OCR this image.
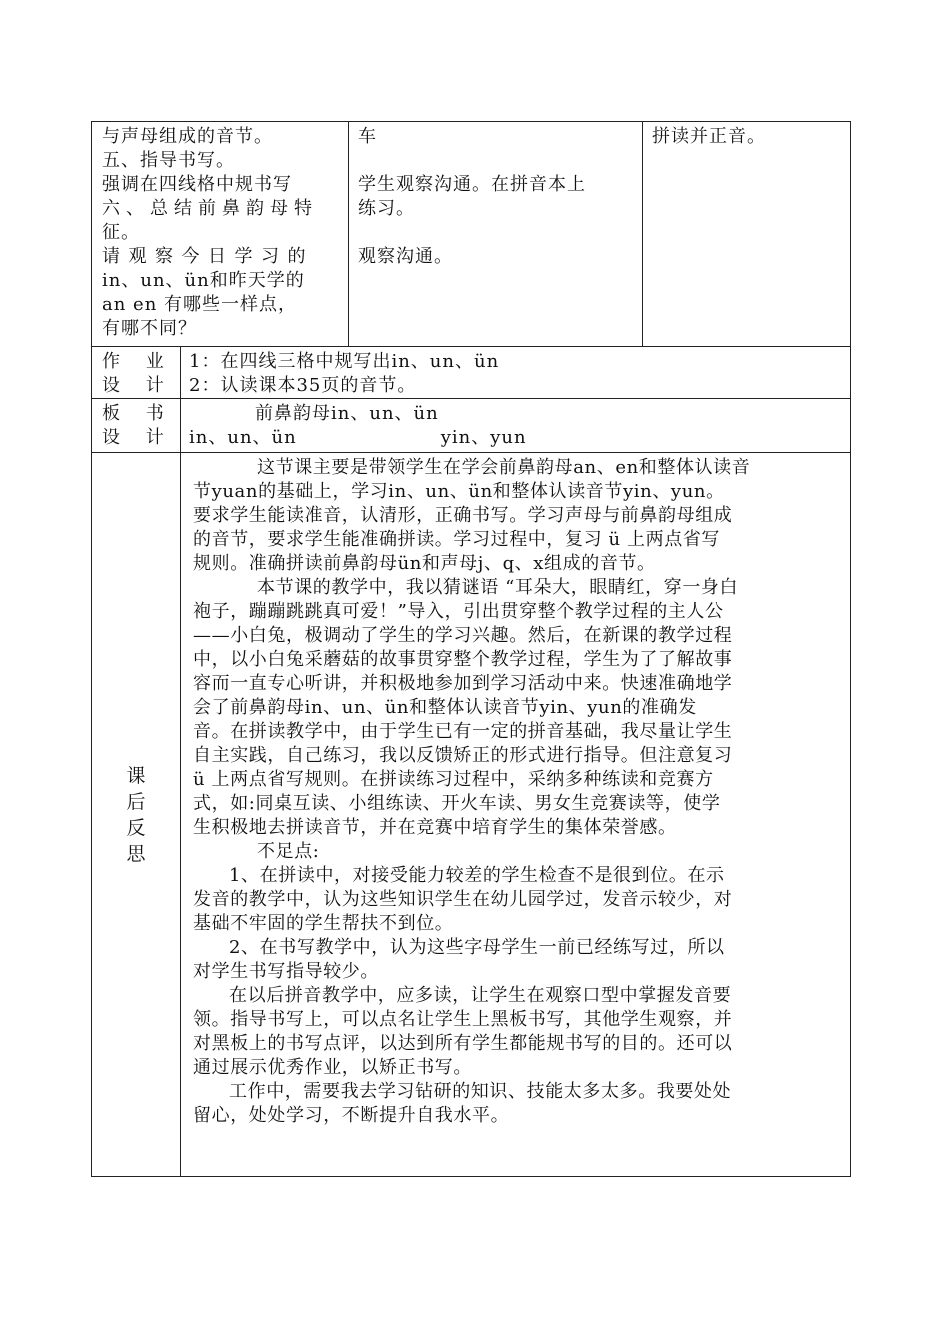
与声母组成的音节。
五、指导书写。
强调在四线格中规书写
六、总结前鼻韵母特
征。
请观察今日学习的
in、un、ün和昨天学的
an en 有哪些一样点，
有哪不同？
车
学生观察沟通。在拼音本上
练习。
观察沟通。
拼读并正音。
作 业
设 计
1：在四线三格中规写出in、un、ün
2：认读课本35页的音节。
板 书
设 计
前鼻韵母in、un、ün
in、un、ün	yin、yun
课后反思
这节课主要是带领学生在学会前鼻韵母an、en和整体认读音
节yuan的基础上，学习in、un、ün和整体认读音节yin、yun。
要求学生能读准音，认清形，正确书写。学习声母与前鼻韵母组成
的音节，要求学生能准确拼读。学习过程中，复习 ü 上两点省写
规则。准确拼读前鼻韵母ün和声母j、q、x组成的音节。
本节课的教学中，我以猜谜语 “耳朵大，眼睛红，穿一身白
袍子，蹦蹦跳跳真可爱！”导入，引出贯穿整个教学过程的主人公
——小白兔，极调动了学生的学习兴趣。然后，在新课的教学过程
中，以小白兔采蘑菇的故事贯穿整个教学过程，学生为了了解故事
容而一直专心听讲，并积极地参加到学习活动中来。快速准确地学
会了前鼻韵母in、un、ün和整体认读音节yin、yun的准确发
音。在拼读教学中，由于学生已有一定的拼音基础，我尽量让学生
自主实践，自己练习，我以反馈矫正的形式进行指导。但注意复习
ü 上两点省写规则。在拼读练习过程中，采纳多种练读和竞赛方
式，如:同桌互读、小组练读、开火车读、男女生竞赛读等，使学
生积极地去拼读音节，并在竞赛中培育学生的集体荣誉感。
不足点:
1、在拼读中，对接受能力较差的学生检查不是很到位。在示
发音的教学中，认为这些知识学生在幼儿园学过，发音示较少，对
基础不牢固的学生帮扶不到位。
2、在书写教学中，认为这些字母学生一前已经练写过，所以
对学生书写指导较少。
在以后拼音教学中，应多读，让学生在观察口型中掌握发音要
领。指导书写上，可以点名让学生上黑板书写，其他学生观察，并
对黑板上的书写点评，以达到所有学生都能规书写的目的。还可以
通过展示优秀作业，以矫正书写。
工作中，需要我去学习钻研的知识、技能太多太多。我要处处
留心，处处学习，不断提升自我水平。
